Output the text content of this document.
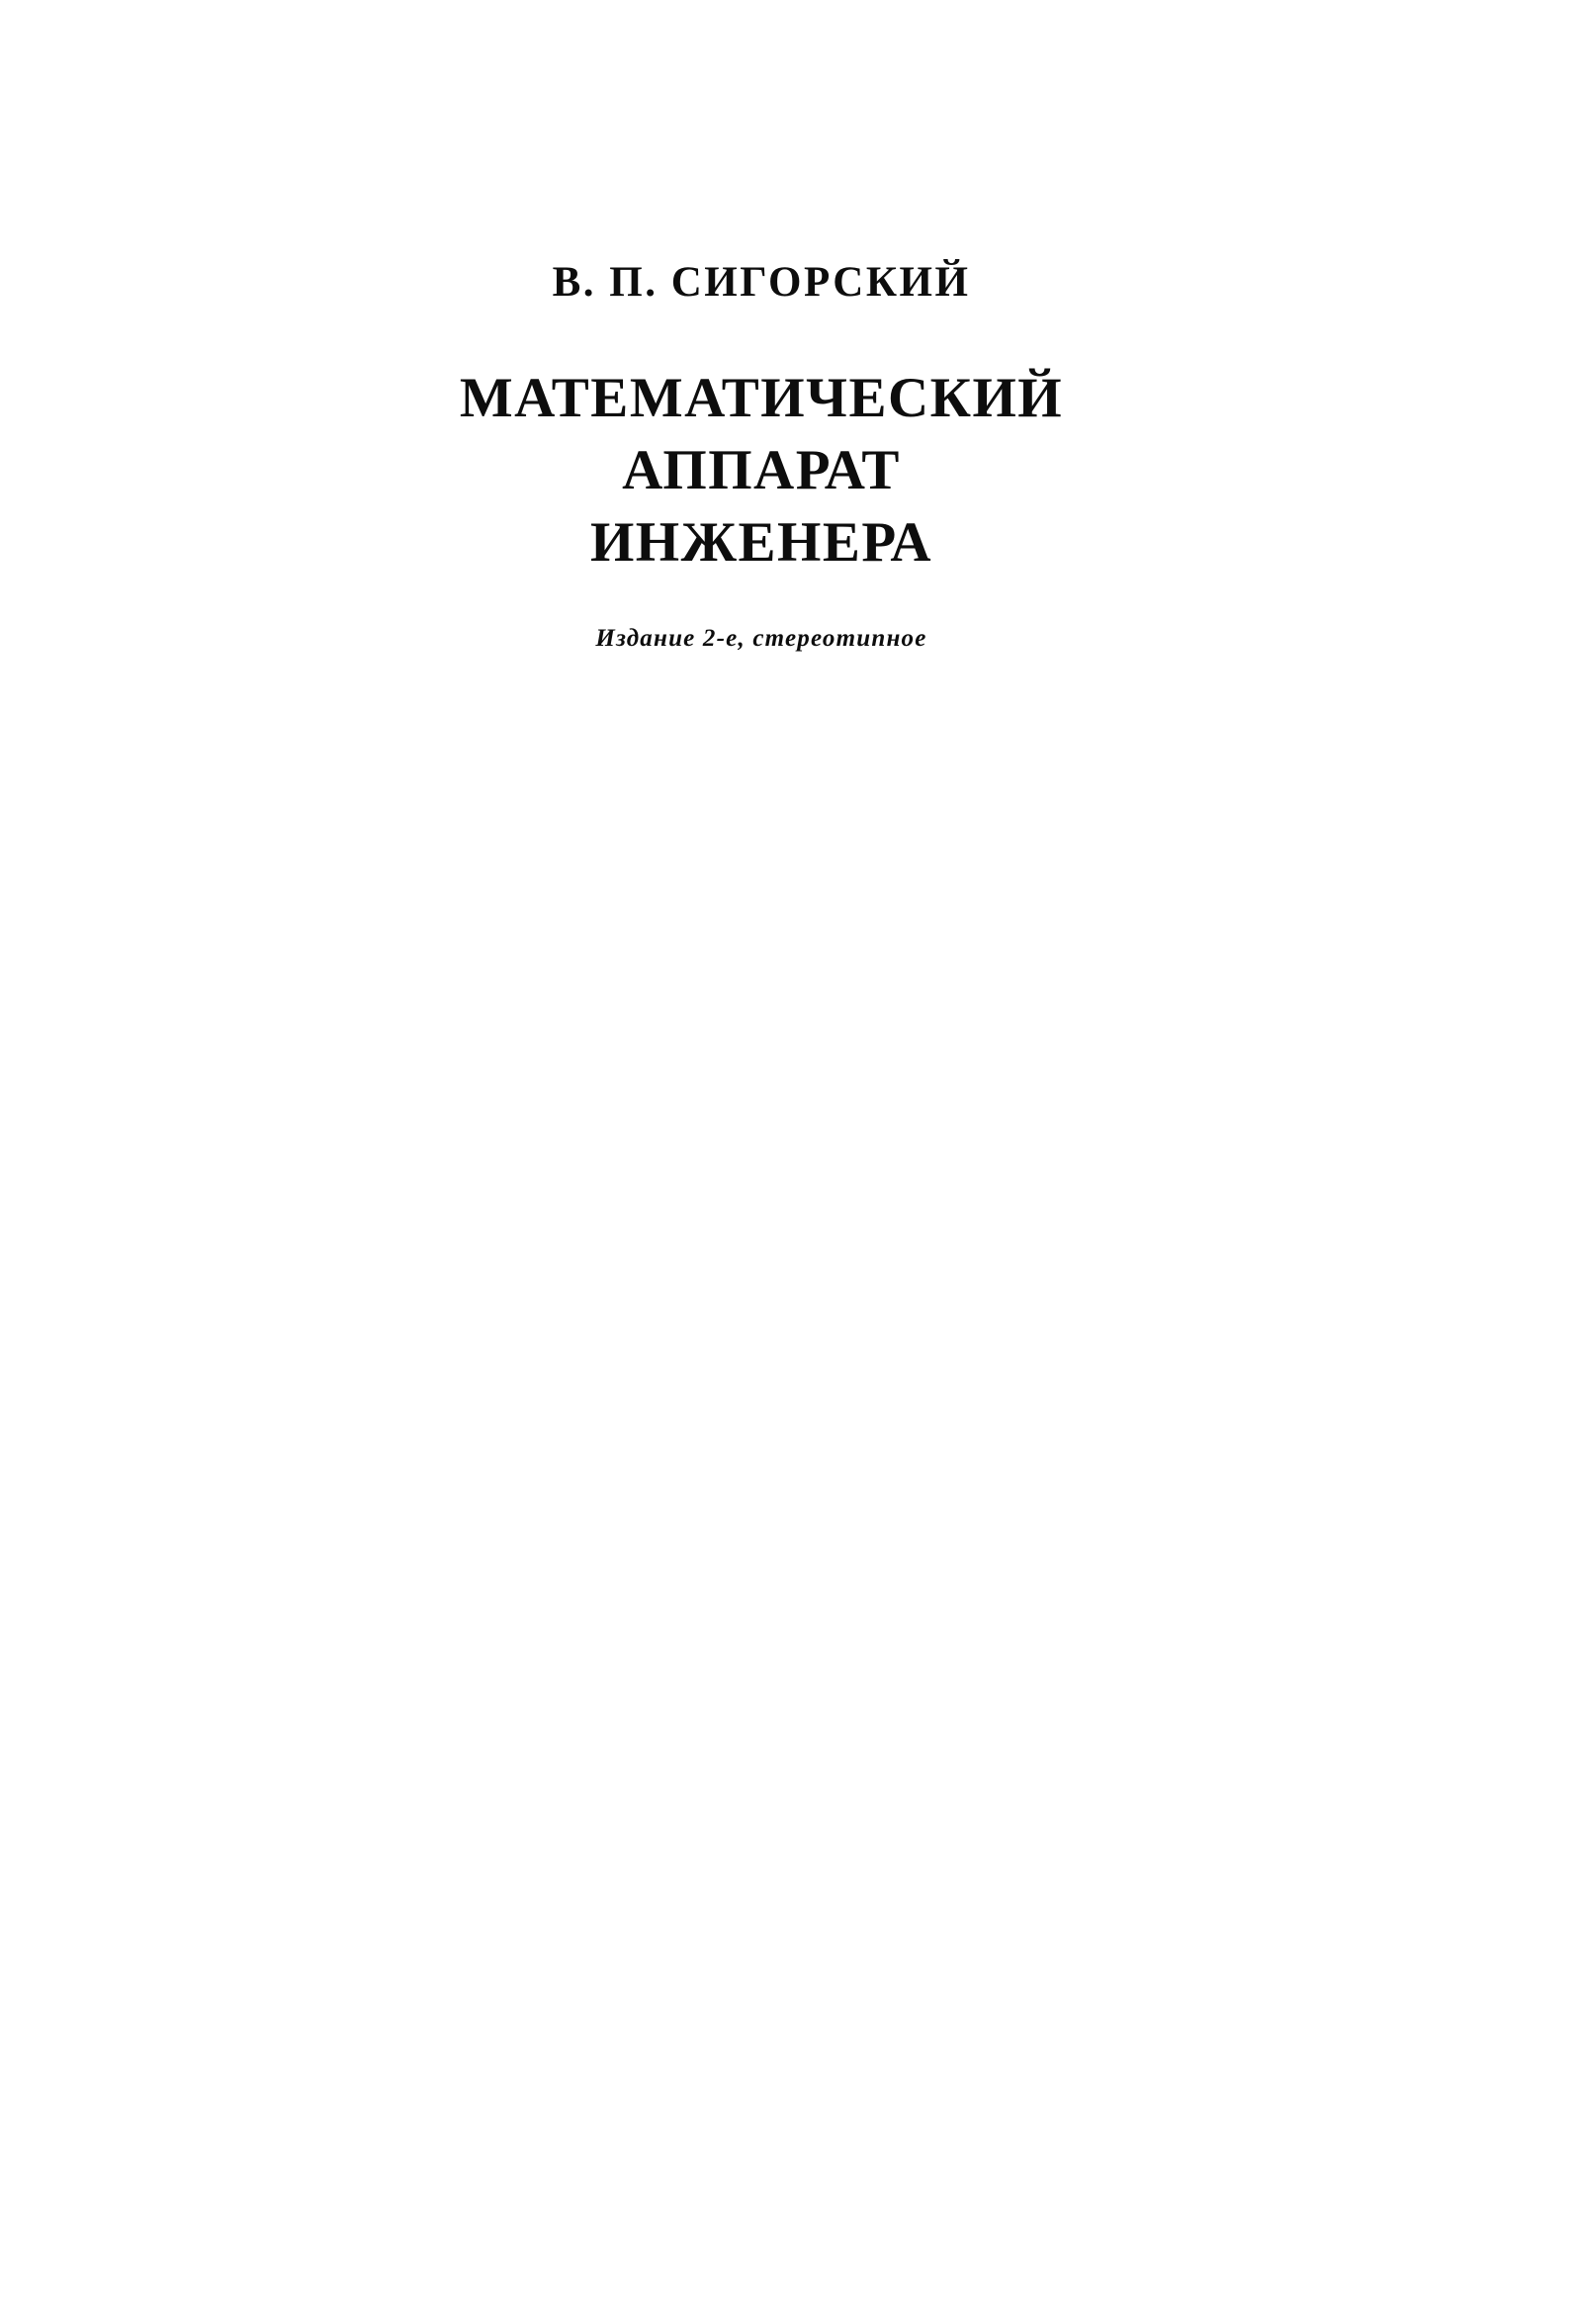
В. П. СИГОРСКИЙ

МАТЕМАТИЧЕСКИЙ
АППАРАТ
ИНЖЕНЕРА

Издание 2-е, стереотипное
